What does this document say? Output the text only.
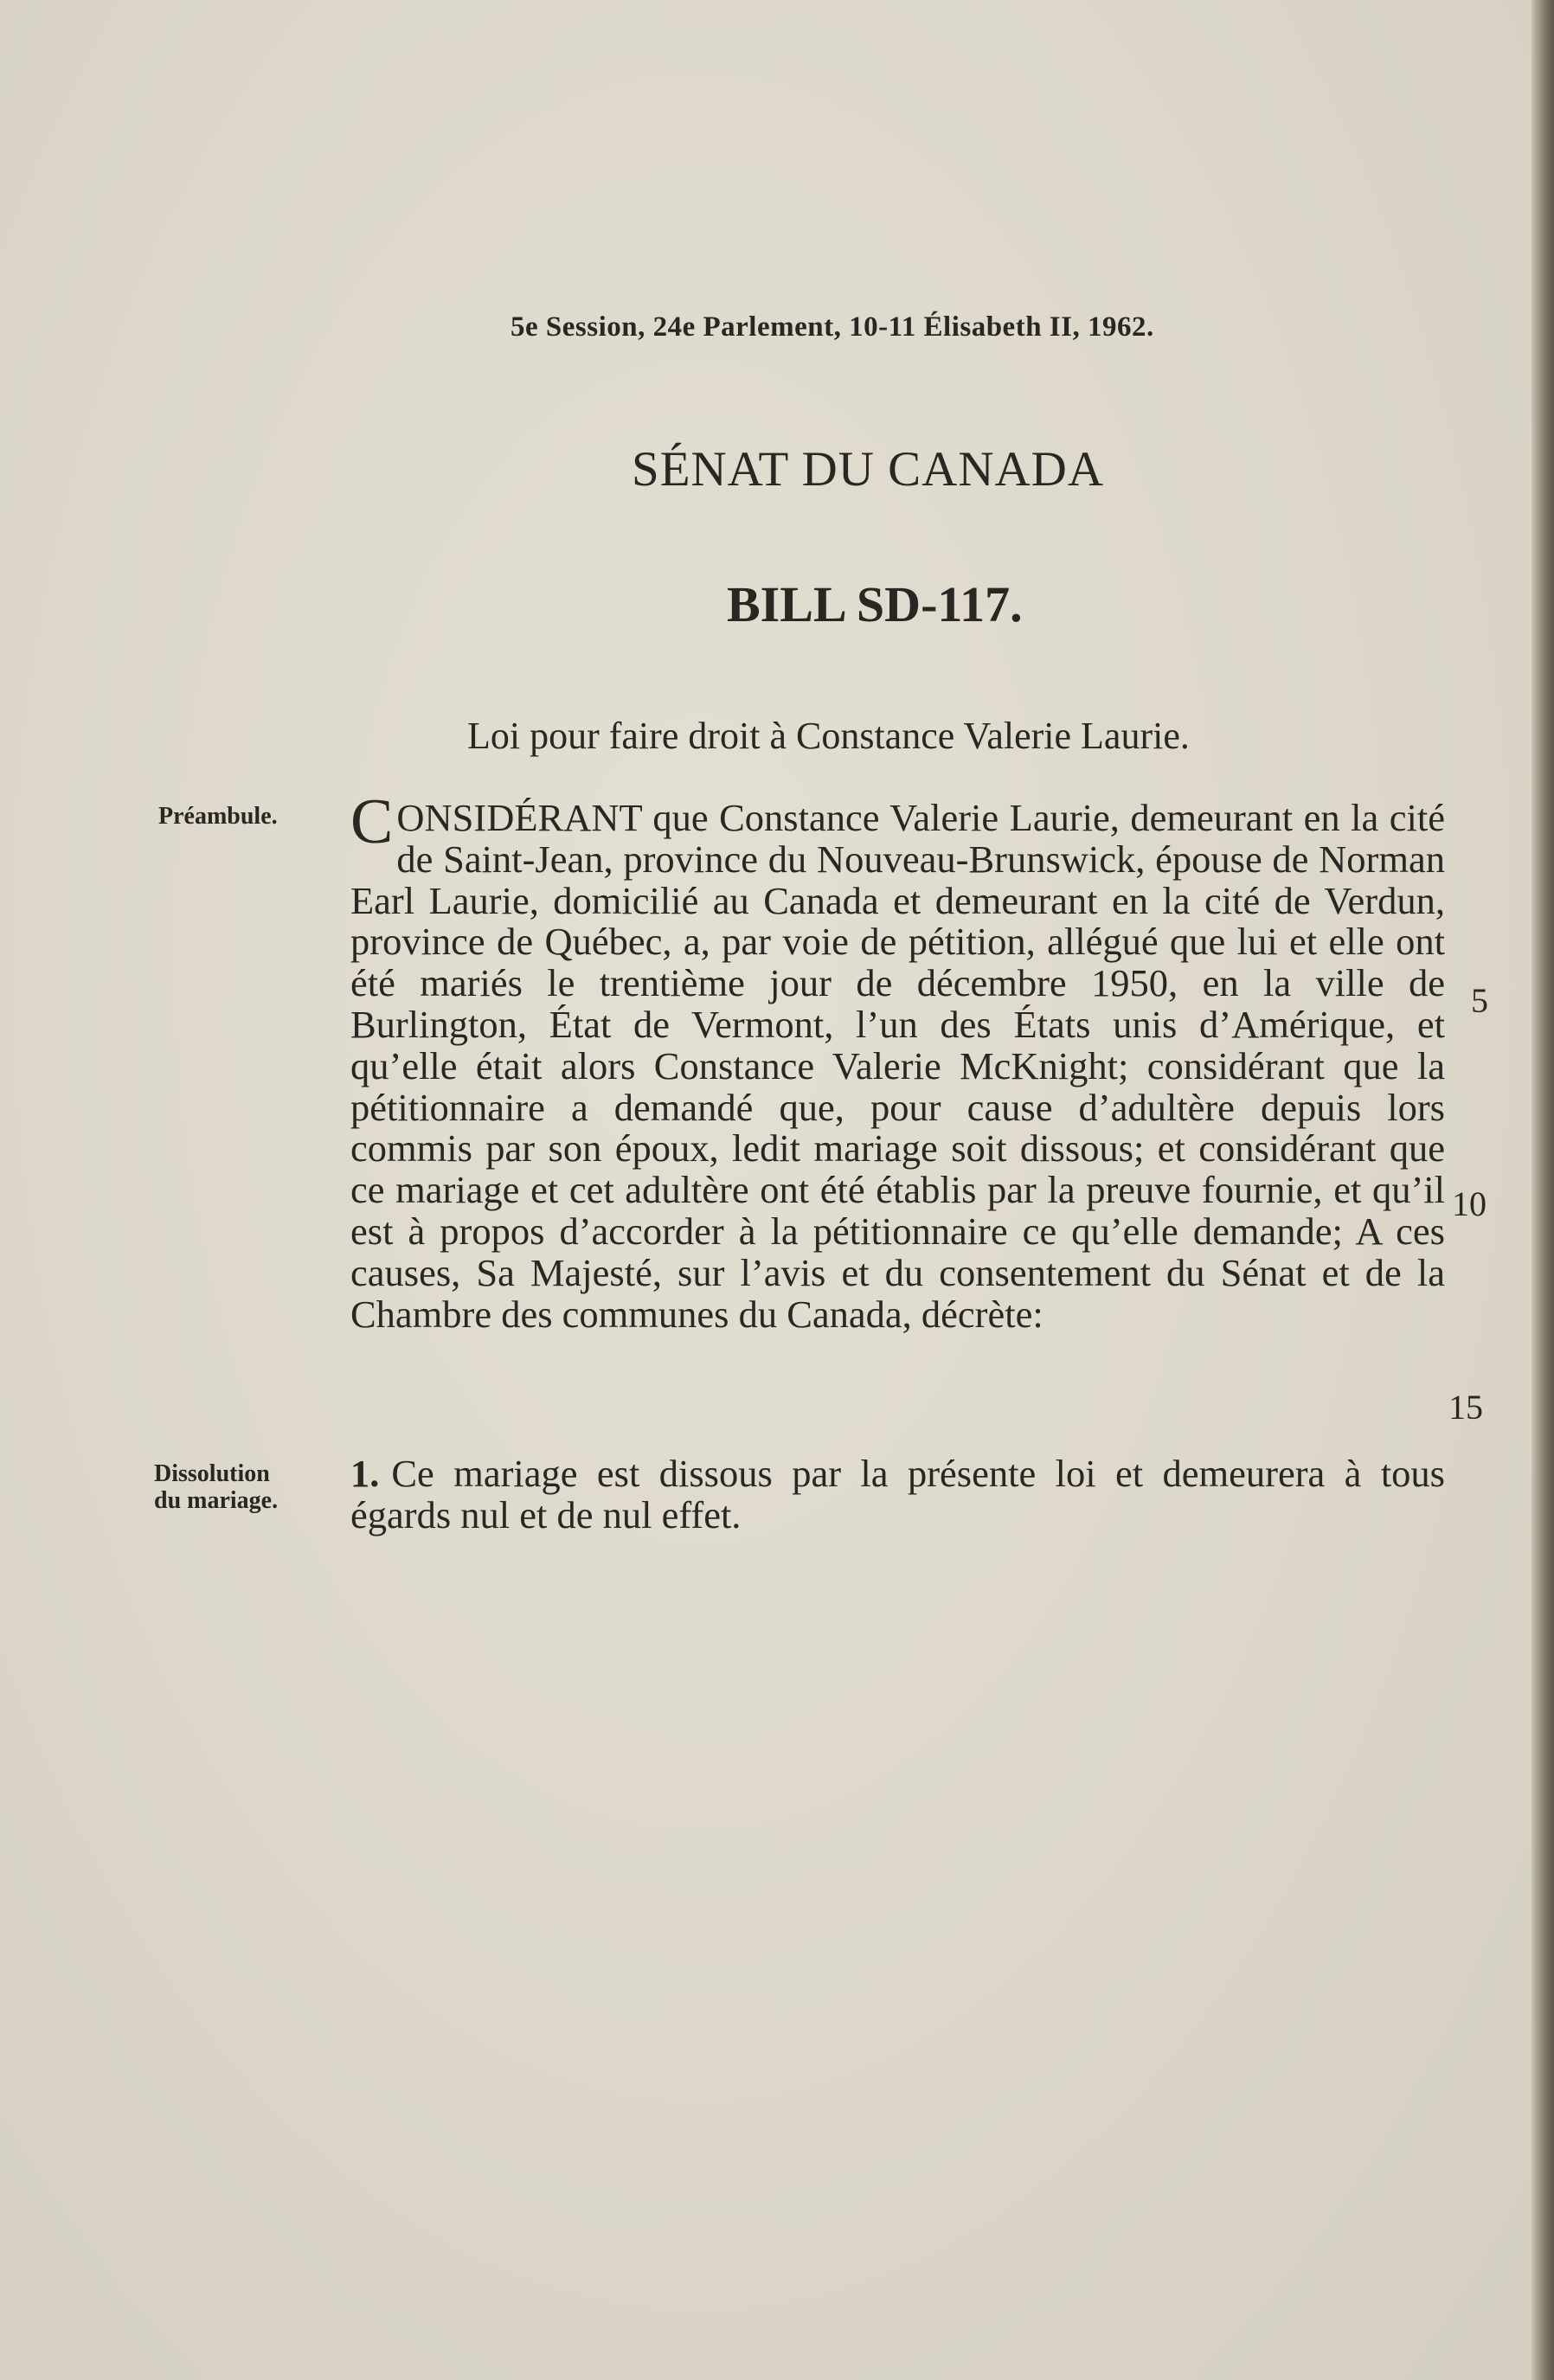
5e Session, 24e Parlement, 10-11 Élisabeth II, 1962.
SÉNAT DU CANADA
BILL SD-117.
Loi pour faire droit à Constance Valerie Laurie.
Préambule.
Dissolution du mariage.
CONSIDÉRANT que Constance Valerie Laurie, demeurant en la cité de Saint-Jean, province du Nouveau-Brunswick, épouse de Norman Earl Laurie, domicilié au Canada et demeurant en la cité de Verdun, province de Québec, a, par voie de pétition, allégué que lui et elle ont été mariés le trentième jour de décembre 1950, en la ville de Burlington, État de Vermont, l’un des États unis d’Amérique, et qu’elle était alors Constance Valerie McKnight; considérant que la pétitionnaire a demandé que, pour cause d’adultère depuis lors commis par son époux, ledit mariage soit dissous; et considérant que ce mariage et cet adultère ont été établis par la preuve fournie, et qu’il est à propos d’accorder à la pétitionnaire ce qu’elle demande; A ces causes, Sa Majesté, sur l’avis et du consentement du Sénat et de la Chambre des communes du Canada, décrète:
1. Ce mariage est dissous par la présente loi et demeurera à tous égards nul et de nul effet.
5
10
15
